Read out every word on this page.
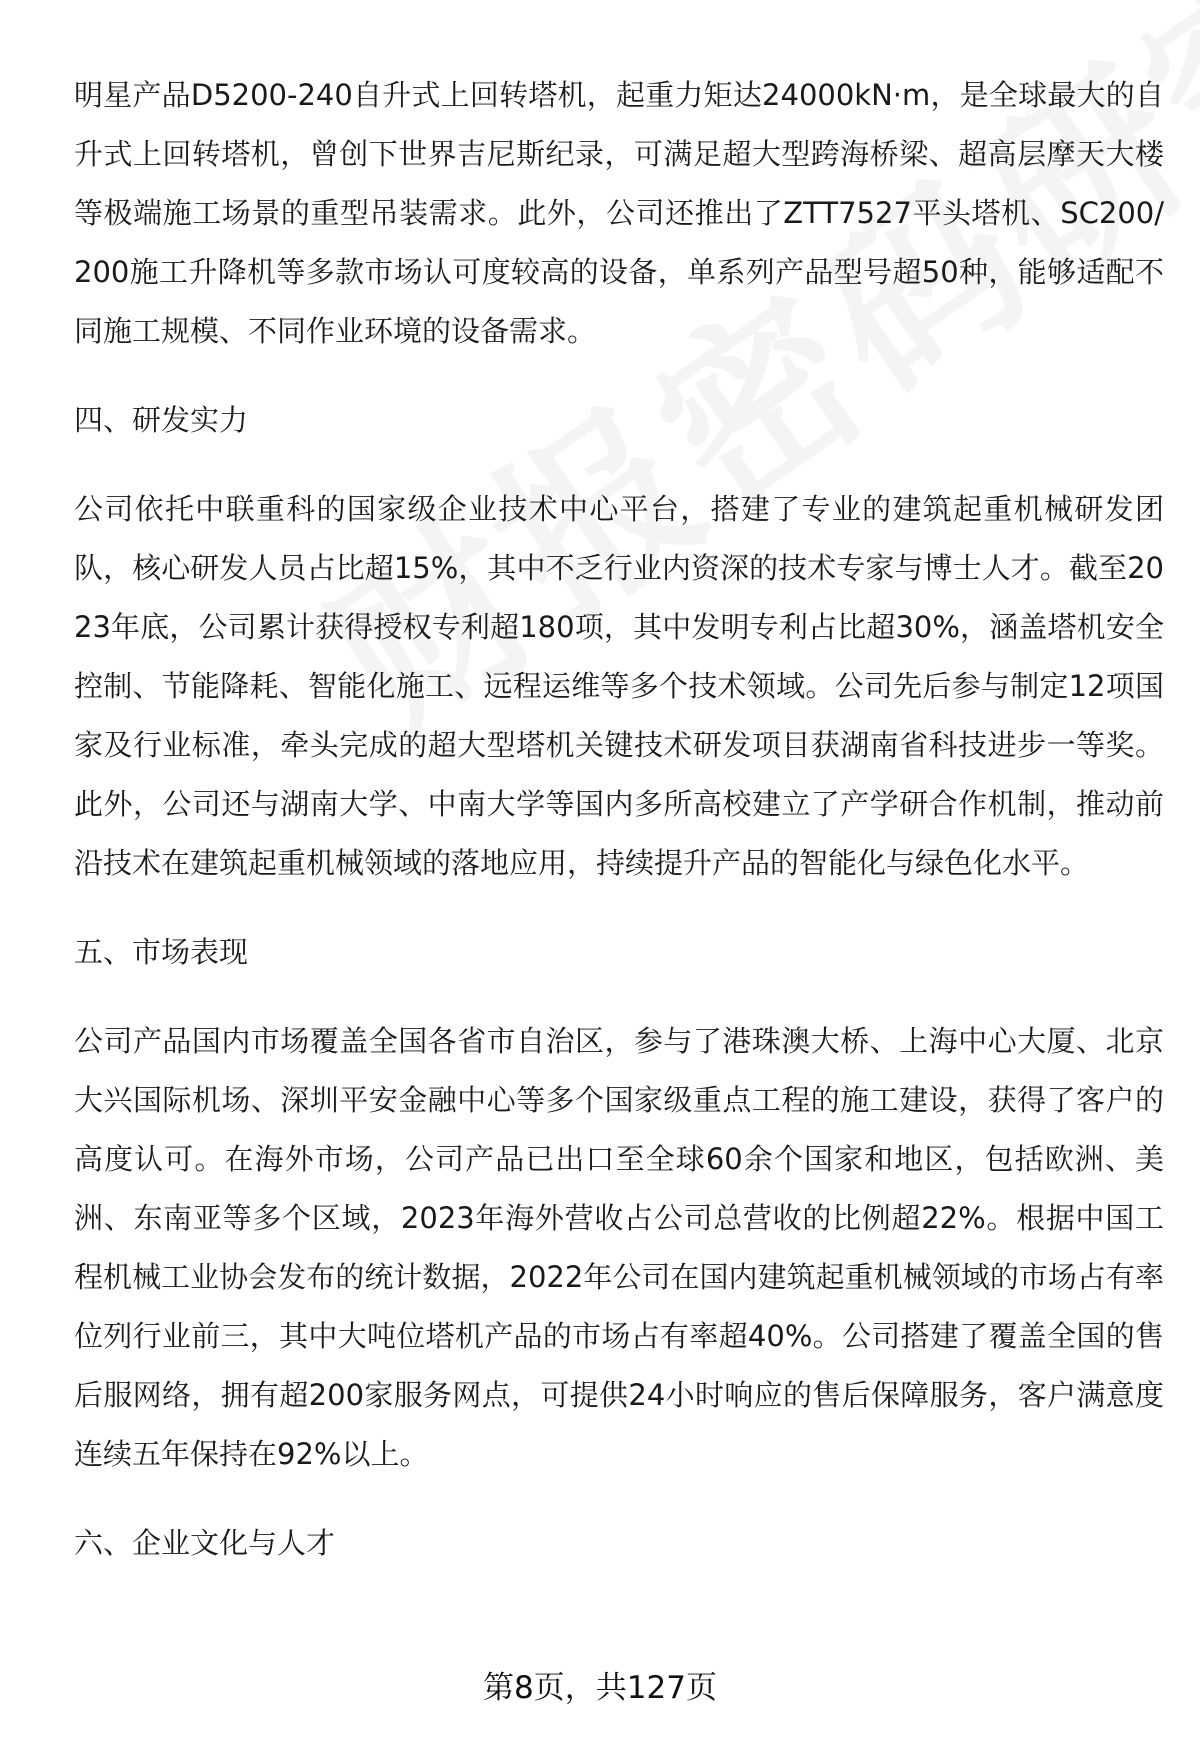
明星产品D5200-240自升式上回转塔机，起重力矩达24000kN·m，是全球最大的自升式上回转塔机，曾创下世界吉尼斯纪录，可满足超大型跨海桥梁、超高层摩天大楼等极端施工场景的重型吊装需求。此外，公司还推出了ZTT7527平头塔机、SC200/200施工升降机等多款市场认可度较高的设备，单系列产品型号超50种，能够适配不同施工规模、不同作业环境的设备需求。

四、研发实力

公司依托中联重科的国家级企业技术中心平台，搭建了专业的建筑起重机械研发团队，核心研发人员占比超15%，其中不乏行业内资深的技术专家与博士人才。截至2023年底，公司累计获得授权专利超180项，其中发明专利占比超30%，涵盖塔机安全控制、节能降耗、智能化施工、远程运维等多个技术领域。公司先后参与制定12项国家及行业标准，牵头完成的超大型塔机关键技术研发项目获湖南省科技进步一等奖。此外，公司还与湖南大学、中南大学等国内多所高校建立了产学研合作机制，推动前沿技术在建筑起重机械领域的落地应用，持续提升产品的智能化与绿色化水平。

五、市场表现

公司产品国内市场覆盖全国各省市自治区，参与了港珠澳大桥、上海中心大厦、北京大兴国际机场、深圳平安金融中心等多个国家级重点工程的施工建设，获得了客户的高度认可。在海外市场，公司产品已出口至全球60余个国家和地区，包括欧洲、美洲、东南亚等多个区域，2023年海外营收占公司总营收的比例超22%。根据中国工程机械工业协会发布的统计数据，2022年公司在国内建筑起重机械领域的市场占有率位列行业前三，其中大吨位塔机产品的市场占有率超40%。公司搭建了覆盖全国的售后服网络，拥有超200家服务网点，可提供24小时响应的售后保障服务，客户满意度连续五年保持在92%以上。

六、企业文化与人才

第8页，共127页
